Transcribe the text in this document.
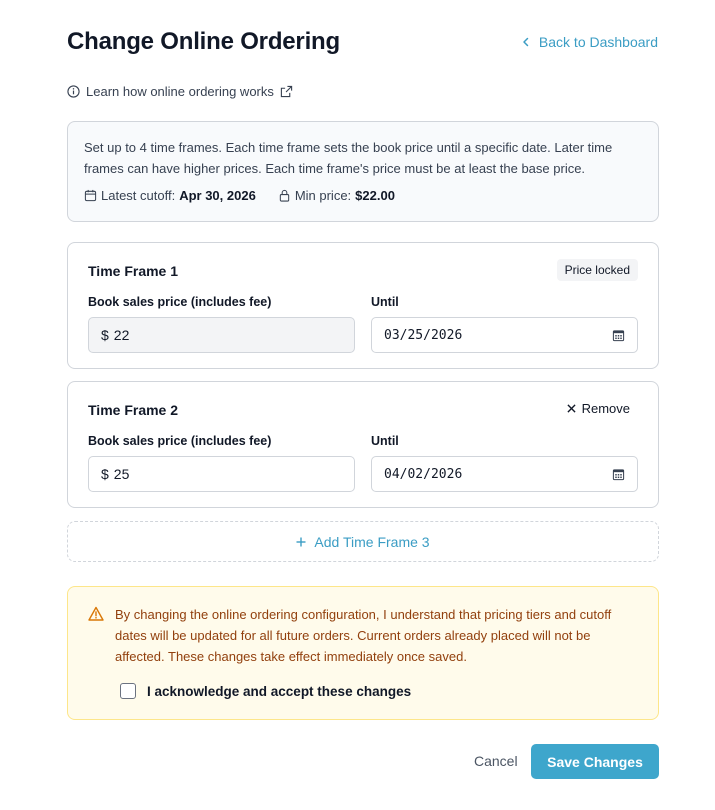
Change Online Ordering	Back to Dashboard
Learn how online ordering works
Set up to 4 time frames. Each time frame sets the book price until a specific date. Later time frames can have higher prices. Each time frame's price must be at least the base price.
Latest cutoff: Apr 30, 2026	Min price: $22.00
Time Frame 1	Price locked
Book sales price (includes fee)	Until
$ 22	03/25/2026
Time Frame 2	Remove
Book sales price (includes fee)	Until
$ 25	04/02/2026
Add Time Frame 3
By changing the online ordering configuration, I understand that pricing tiers and cutoff dates will be updated for all future orders. Current orders already placed will not be affected. These changes take effect immediately once saved.
I acknowledge and accept these changes
Cancel	Save Changes
